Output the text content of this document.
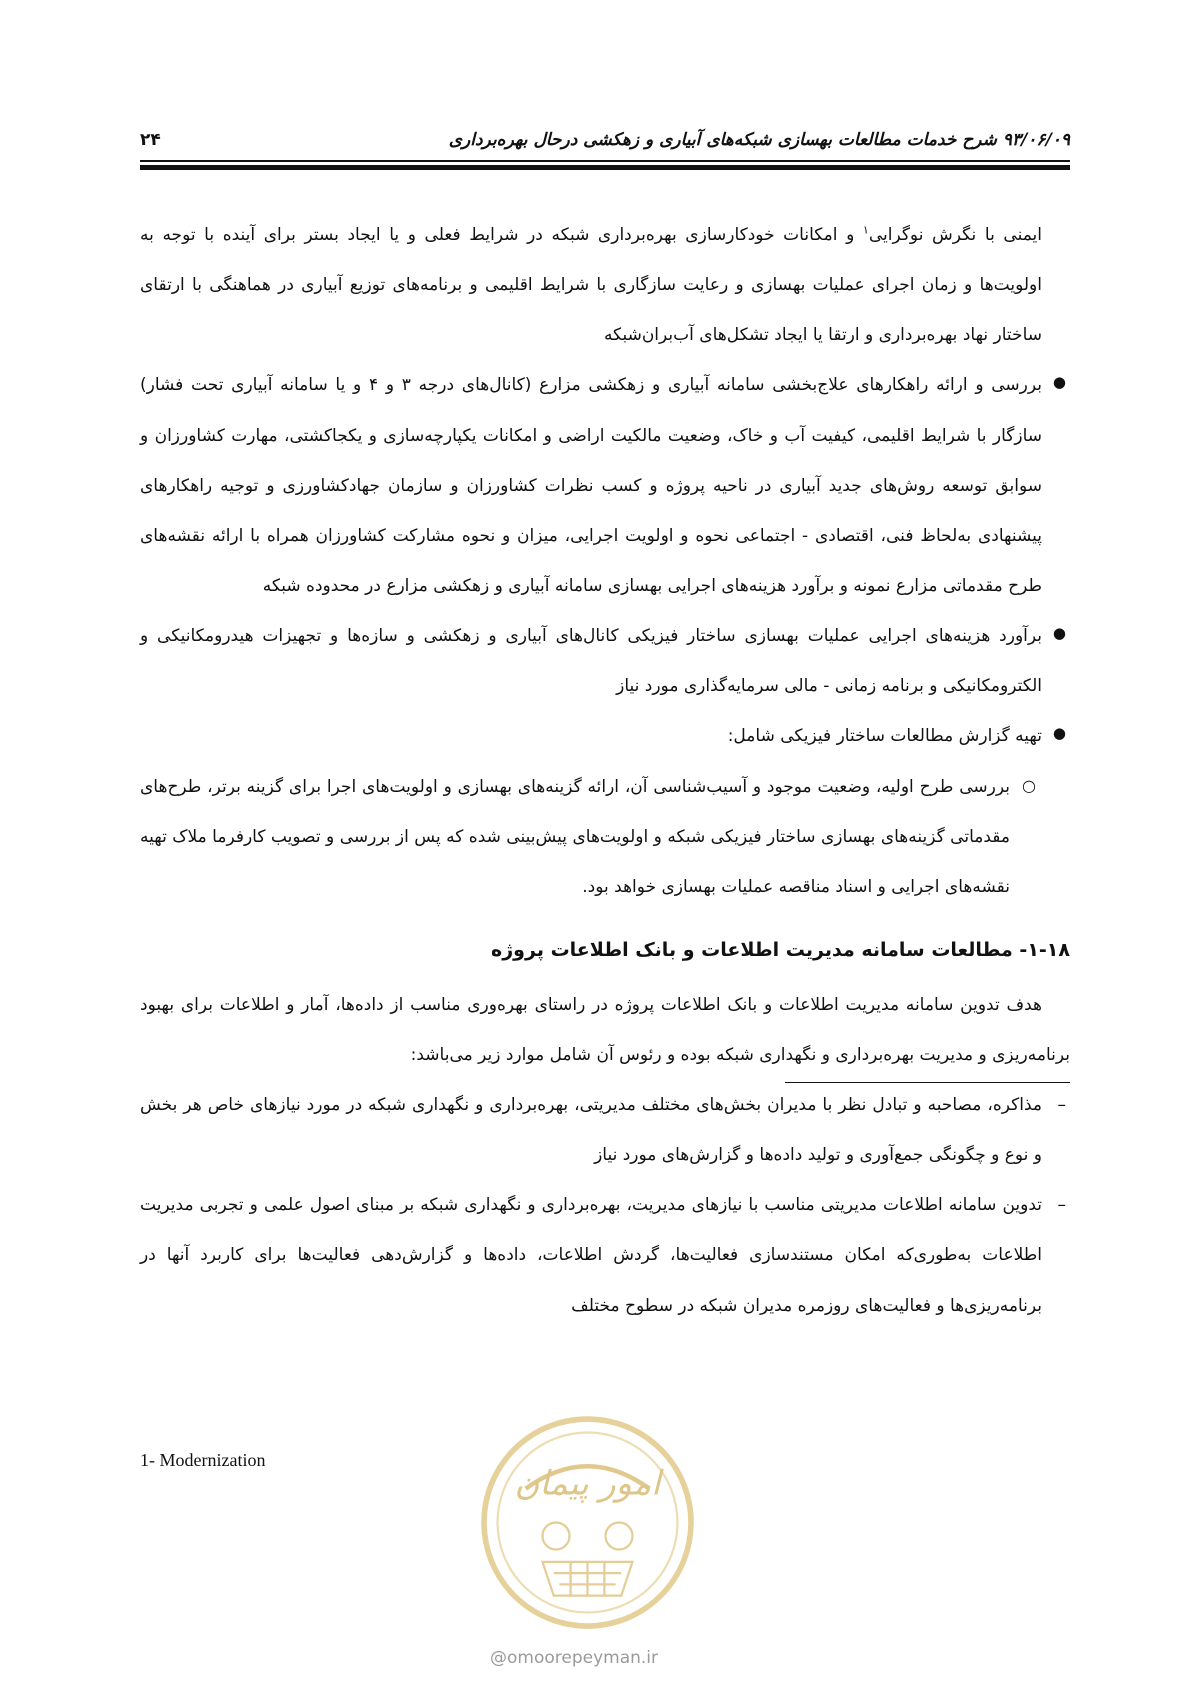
۹۳/۰۶/۰۹ شرح خدمات مطالعات بهسازی شبکه‌های آبیاری و زهکشی درحال بهره‌برداری
۲۴

ایمنی با نگرش نوگرایی$^۱$ و امکانات خودکارسازی بهره‌برداری شبکه در شرایط فعلی و یا ایجاد بستر برای آینده با توجه به اولویت‌ها و زمان اجرای عملیات بهسازی و رعایت سازگاری با شرایط اقلیمی و برنامه‌های توزیع آبیاری در هماهنگی با ارتقای ساختار نهاد بهره‌برداری و ارتقا یا ایجاد تشکل‌های آب‌بران‌شبکه

●
بررسی و ارائه راهکارهای علاج‌بخشی سامانه آبیاری و زهکشی مزارع (کانال‌های درجه ۳ و ۴ و یا سامانه آبیاری تحت فشار) سازگار با شرایط اقلیمی، کیفیت آب و خاک، وضعیت مالکیت اراضی و امکانات یکپارچه‌سازی و یکجاکشتی، مهارت کشاورزان و سوابق توسعه روش‌های جدید آبیاری در ناحیه پروژه و کسب نظرات کشاورزان و سازمان جهادکشاورزی و توجیه راهکارهای پیشنهادی به‌لحاظ فنی، اقتصادی - اجتماعی نحوه و اولویت اجرایی، میزان و نحوه مشارکت کشاورزان همراه با ارائه نقشه‌های طرح مقدماتی مزارع نمونه و برآورد هزینه‌های اجرایی بهسازی سامانه آبیاری و زهکشی مزارع در محدوده شبکه

●
برآورد هزینه‌های اجرایی عملیات بهسازی ساختار فیزیکی کانال‌های آبیاری و زهکشی و سازه‌ها و تجهیزات هیدرومکانیکی و الکترومکانیکی و برنامه زمانی - مالی سرمایه‌گذاری مورد نیاز

●
تهیه گزارش مطالعات ساختار فیزیکی شامل:

○
بررسی طرح اولیه، وضعیت موجود و آسیب‌شناسی آن، ارائه گزینه‌های بهسازی و اولویت‌های اجرا برای گزینه برتر، طرح‌های مقدماتی گزینه‌های بهسازی ساختار فیزیکی شبکه و اولویت‌های پیش‌بینی شده که پس از بررسی و تصویب کارفرما ملاک تهیه نقشه‌های اجرایی و اسناد مناقصه عملیات بهسازی خواهد بود.

۱-۱۸- مطالعات سامانه مدیریت اطلاعات و بانک اطلاعات پروژه

هدف تدوین سامانه مدیریت اطلاعات و بانک اطلاعات پروژه در راستای بهره‌وری مناسب از داده‌ها، آمار و اطلاعات برای بهبود برنامه‌ریزی و مدیریت بهره‌برداری و نگهداری شبکه بوده و رئوس آن شامل موارد زیر می‌باشد:

–
مذاکره، مصاحبه و تبادل نظر با مدیران بخش‌های مختلف مدیریتی، بهره‌برداری و نگهداری شبکه در مورد نیازهای خاص هر بخش و نوع و چگونگی جمع‌آوری و تولید داده‌ها و گزارش‌های مورد نیاز

–
تدوین سامانه اطلاعات مدیریتی مناسب با نیازهای مدیریت، بهره‌برداری و نگهداری شبکه بر مبنای اصول علمی و تجربی مدیریت اطلاعات به‌طوری‌که امکان مستندسازی فعالیت‌ها، گردش اطلاعات، داده‌ها و گزارش‌دهی فعالیت‌ها برای کاربرد آنها در برنامه‌ریزی‌ها و فعالیت‌های روزمره مدیران شبکه در سطوح مختلف

1- Modernization
امور پیمان
@omoorepeyman.ir
